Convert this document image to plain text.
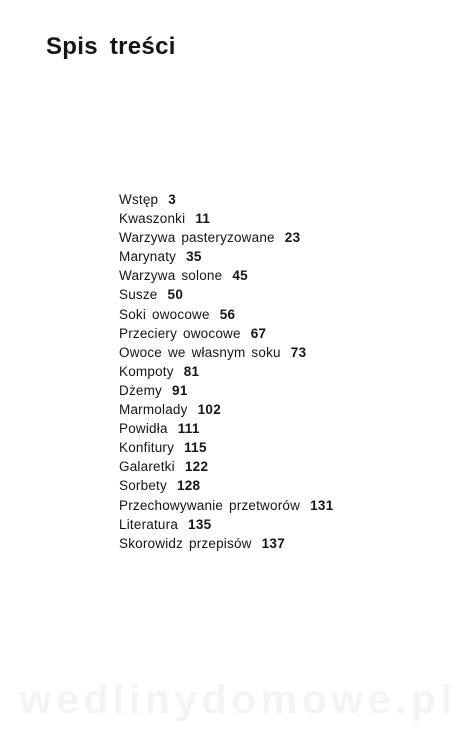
Spis treści
Wstęp 3
Kwaszonki 11
Warzywa pasteryzowane 23
Marynaty 35
Warzywa solone 45
Susze 50
Soki owocowe 56
Przeciery owocowe 67
Owoce we własnym soku 73
Kompoty 81
Dżemy 91
Marmolady 102
Powidła 111
Konfitury 115
Galaretki 122
Sorbety 128
Przechowywanie przetworów 131
Literatura 135
Skorowidz przepisów 137
wedlinydomowe.pl
